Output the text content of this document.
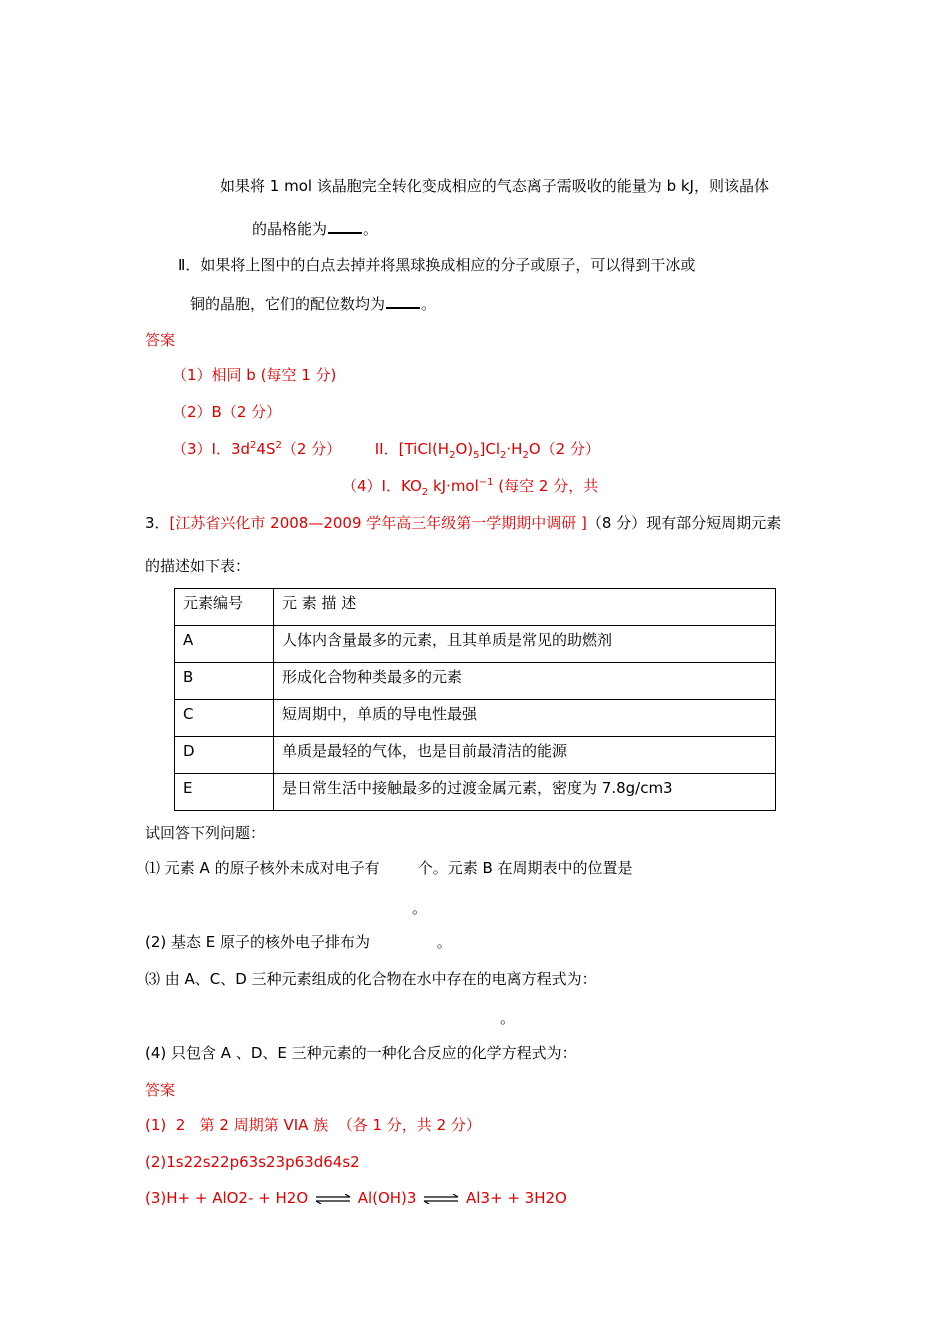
如果将 1 mol 该晶胞完全转化变成相应的气态离子需吸收的能量为 b kJ，则该晶体
的晶格能为 。
Ⅱ．如果将上图中的白点去掉并将黑球换成相应的分子或原子，可以得到干冰或
铜的晶胞，它们的配位数均为 。
答案
（1）相同 b (每空 1 分)
（2）B（2 分）
（3）I．$3d^24S^2(2$ 分） II．$[TiCl(H_2O)_5]Cl_2\cdot H_2O(2$ 分）
（4）I．$KO_2$ kJ·mol$^{-1}$ (每空 2 分，共
3．[江苏省兴化市 2008—2009 学年高三年级第一学期期中调研 ]（8 分）现有部分短周期元素
的描述如下表：
元素编号	元 素 描 述
A	人体内含量最多的元素，且其单质是常见的助燃剂
B	形成化合物种类最多的元素
C	短周期中，单质的导电性最强
D	单质是最轻的气体，也是目前最清洁的能源
E	是日常生活中接触最多的过渡金属元素，密度为 7.8g/cm3
试回答下列问题：
⑴ 元素 A 的原子核外未成对电子有        个。元素 B 在周期表中的位置是
。
(2) 基态 E 原子的核外电子排布为              。
⑶ 由 A、C、D 三种元素组成的化合物在水中存在的电离方程式为：
。
(4) 只包含 A 、D、E 三种元素的一种化合反应的化学方程式为：
答案
(1)  2   第 2 周期第 VIA 族  （各 1 分，共 2 分）
(2)1s22s22p63s23p63d64s2
(3)H+ + AlO2- + H2O ⇌ Al(OH)3 ⇌ Al3+ + 3H2O
